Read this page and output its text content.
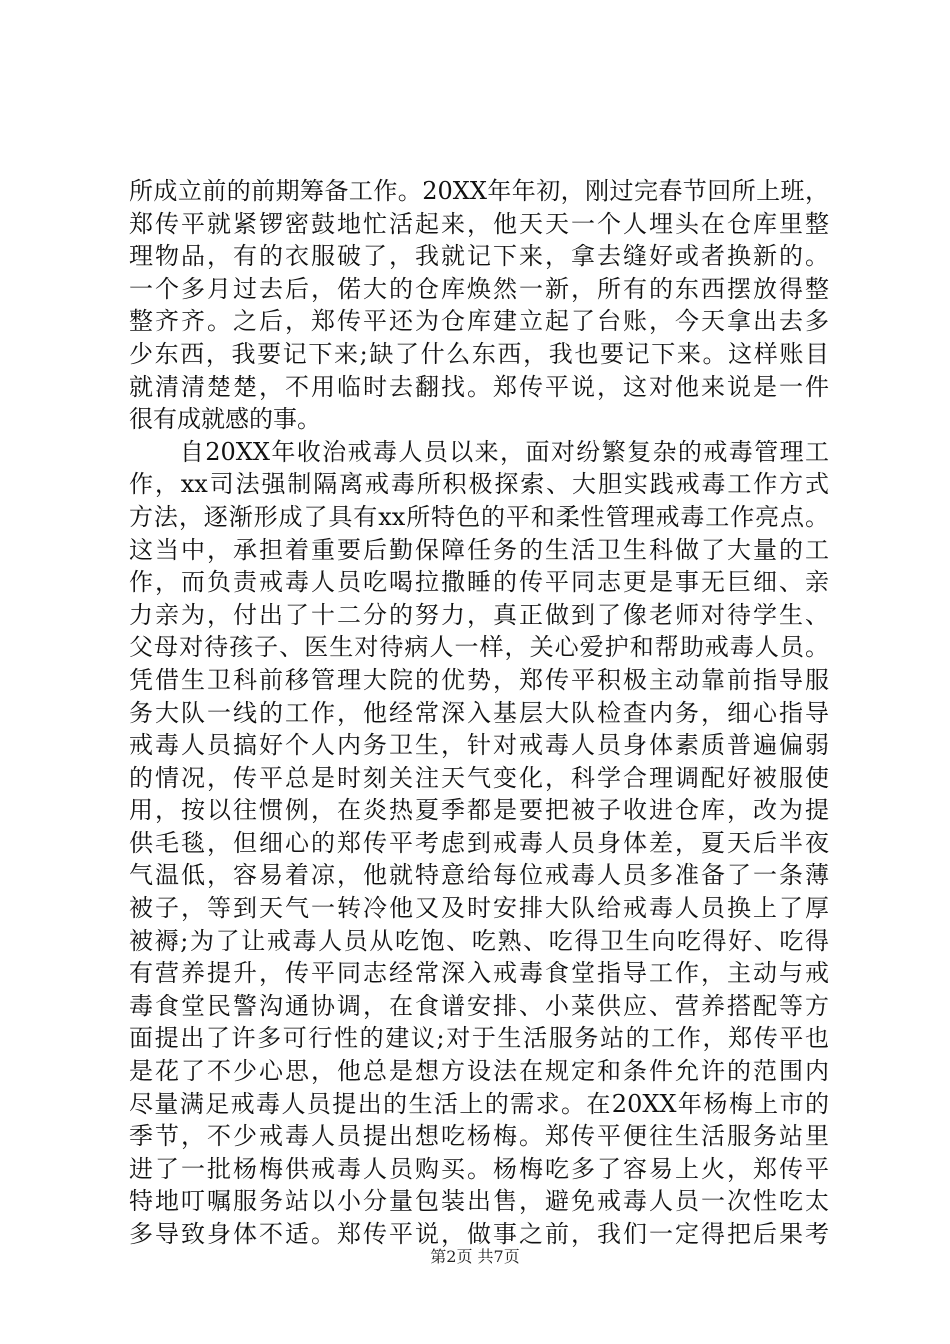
所成立前的前期筹备工作。20XX年年初，刚过完春节回所上班，
郑传平就紧锣密鼓地忙活起来，他天天一个人埋头在仓库里整
理物品，有的衣服破了，我就记下来，拿去缝好或者换新的。
一个多月过去后，偌大的仓库焕然一新，所有的东西摆放得整
整齐齐。之后，郑传平还为仓库建立起了台账，今天拿出去多
少东西，我要记下来;缺了什么东西，我也要记下来。这样账目
就清清楚楚，不用临时去翻找。郑传平说，这对他来说是一件
很有成就感的事。
　　自20XX年收治戒毒人员以来，面对纷繁复杂的戒毒管理工
作，xx司法强制隔离戒毒所积极探索、大胆实践戒毒工作方式
方法，逐渐形成了具有xx所特色的平和柔性管理戒毒工作亮点。
这当中，承担着重要后勤保障任务的生活卫生科做了大量的工
作，而负责戒毒人员吃喝拉撒睡的传平同志更是事无巨细、亲
力亲为，付出了十二分的努力，真正做到了像老师对待学生、
父母对待孩子、医生对待病人一样，关心爱护和帮助戒毒人员。
凭借生卫科前移管理大院的优势，郑传平积极主动靠前指导服
务大队一线的工作，他经常深入基层大队检查内务，细心指导
戒毒人员搞好个人内务卫生，针对戒毒人员身体素质普遍偏弱
的情况，传平总是时刻关注天气变化，科学合理调配好被服使
用，按以往惯例，在炎热夏季都是要把被子收进仓库，改为提
供毛毯，但细心的郑传平考虑到戒毒人员身体差，夏天后半夜
气温低，容易着凉，他就特意给每位戒毒人员多准备了一条薄
被子，等到天气一转冷他又及时安排大队给戒毒人员换上了厚
被褥;为了让戒毒人员从吃饱、吃熟、吃得卫生向吃得好、吃得
有营养提升，传平同志经常深入戒毒食堂指导工作，主动与戒
毒食堂民警沟通协调，在食谱安排、小菜供应、营养搭配等方
面提出了许多可行性的建议;对于生活服务站的工作，郑传平也
是花了不少心思，他总是想方设法在规定和条件允许的范围内
尽量满足戒毒人员提出的生活上的需求。在20XX年杨梅上市的
季节，不少戒毒人员提出想吃杨梅。郑传平便往生活服务站里
进了一批杨梅供戒毒人员购买。杨梅吃多了容易上火，郑传平
特地叮嘱服务站以小分量包装出售，避免戒毒人员一次性吃太
多导致身体不适。郑传平说，做事之前，我们一定得把后果考
第2页 共7页
